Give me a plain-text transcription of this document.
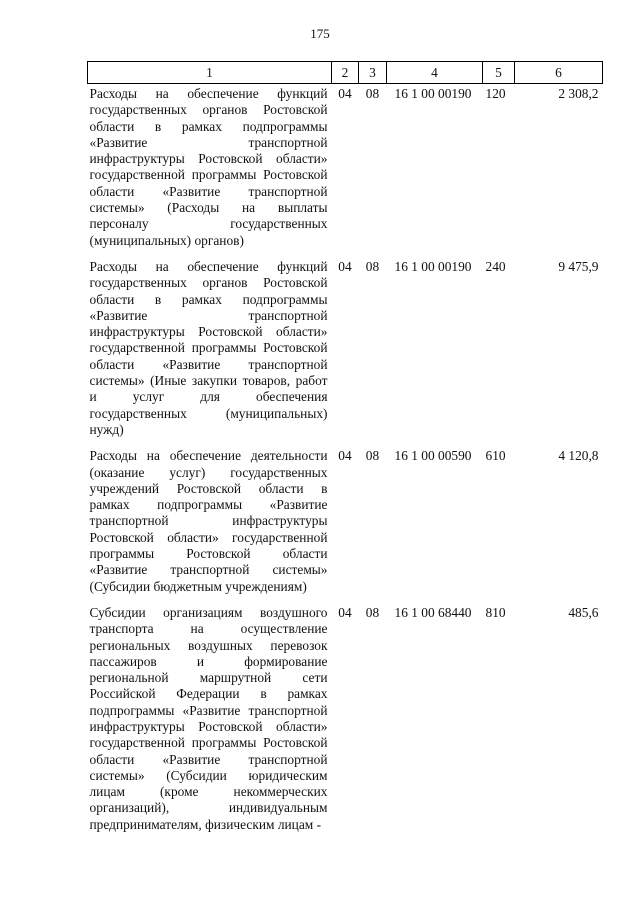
175
1	2	3	4	5	6
Расходы на обеспечение функций государственных органов Ростовской области в рамках подпрограммы «Развитие транспортной инфраструктуры Ростовской области» государственной программы Ростовской области «Развитие транспортной системы» (Расходы на выплаты персоналу государственных (муниципальных) органов)	04	08	16 1 00 00190	120	2 308,2
Расходы на обеспечение функций государственных органов Ростовской области в рамках подпрограммы «Развитие транспортной инфраструктуры Ростовской области» государственной программы Ростовской области «Развитие транспортной системы» (Иные закупки товаров, работ и услуг для обеспечения государственных (муниципальных) нужд)	04	08	16 1 00 00190	240	9 475,9
Расходы на обеспечение деятельности (оказание услуг) государственных учреждений Ростовской области в рамках подпрограммы «Развитие транспортной инфраструктуры Ростовской области» государственной программы Ростовской области «Развитие транспортной системы» (Субсидии бюджетным учреждениям)	04	08	16 1 00 00590	610	4 120,8
Субсидии организациям воздушного транспорта на осуществление региональных воздушных перевозок пассажиров и формирование региональной маршрутной сети Российской Федерации в рамках подпрограммы «Развитие транспортной инфраструктуры Ростовской области» государственной программы Ростовской области «Развитие транспортной системы» (Субсидии юридическим лицам (кроме некоммерческих организаций), индивидуальным предпринимателям, физическим лицам -	04	08	16 1 00 68440	810	485,6
